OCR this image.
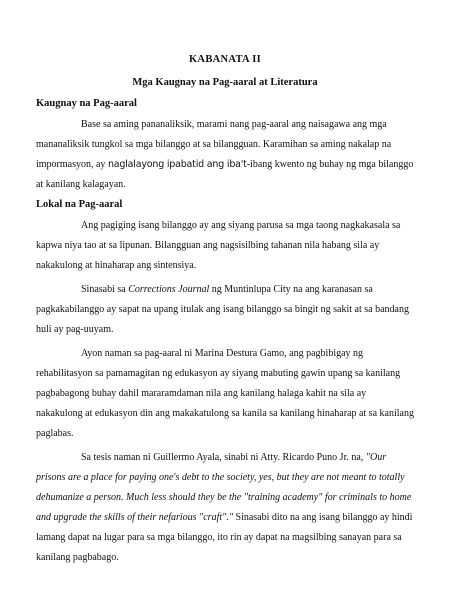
KABANATA II
Mga Kaugnay na Pag-aaral at Literatura
Kaugnay na Pag-aaral

Base sa aming pananaliksik, marami nang pag-aaral ang naisagawa ang mga mananaliksik tungkol sa mga bilanggo at sa bilangguan. Karamihan sa aming nakalap na impormasyon, ay naglalayong ipabatid ang iba't-ibang kwento ng buhay ng mga bilanggo at kanilang kalagayan.

Lokal na Pag-aaral

Ang pagiging isang bilanggo ay ang siyang parusa sa mga taong nagkakasala sa kapwa niya tao at sa lipunan. Bilangguan ang nagsisilbing tahanan nila habang sila ay nakakulong at hinaharap ang sintensiya.

Sinasabi sa Corrections Journal ng Muntinlupa City na ang karanasan sa pagkakabilanggo ay sapat na upang itulak ang isang bilanggo sa bingit ng sakit at sa bandang huli ay pag-uuyam.

Ayon naman sa pag-aaral ni Marina Destura Gamo, ang pagbibigay ng rehabilitasyon sa pamamagitan ng edukasyon ay siyang mabuting gawin upang sa kanilang pagbabagong buhay dahil mararamdaman nila ang kanilang halaga kahit na sila ay nakakulong at edukasyon din ang makakatulong sa kanila sa kanilang hinaharap at sa kanilang paglabas.

Sa tesis naman ni Guillermo Ayala, sinabi ni Atty. Ricardo Puno Jr. na, "Our prisons are a place for paying one's debt to the society, yes, but they are not meant to totally dehumanize a person. Much less should they be the "training academy" for criminals to home and upgrade the skills of their nefarious "craft"." Sinasabi dito na ang isang bilanggo ay hindi lamang dapat na lugar para sa mga bilanggo, ito rin ay dapat na magsilbing sanayan para sa kanilang pagbabago.
